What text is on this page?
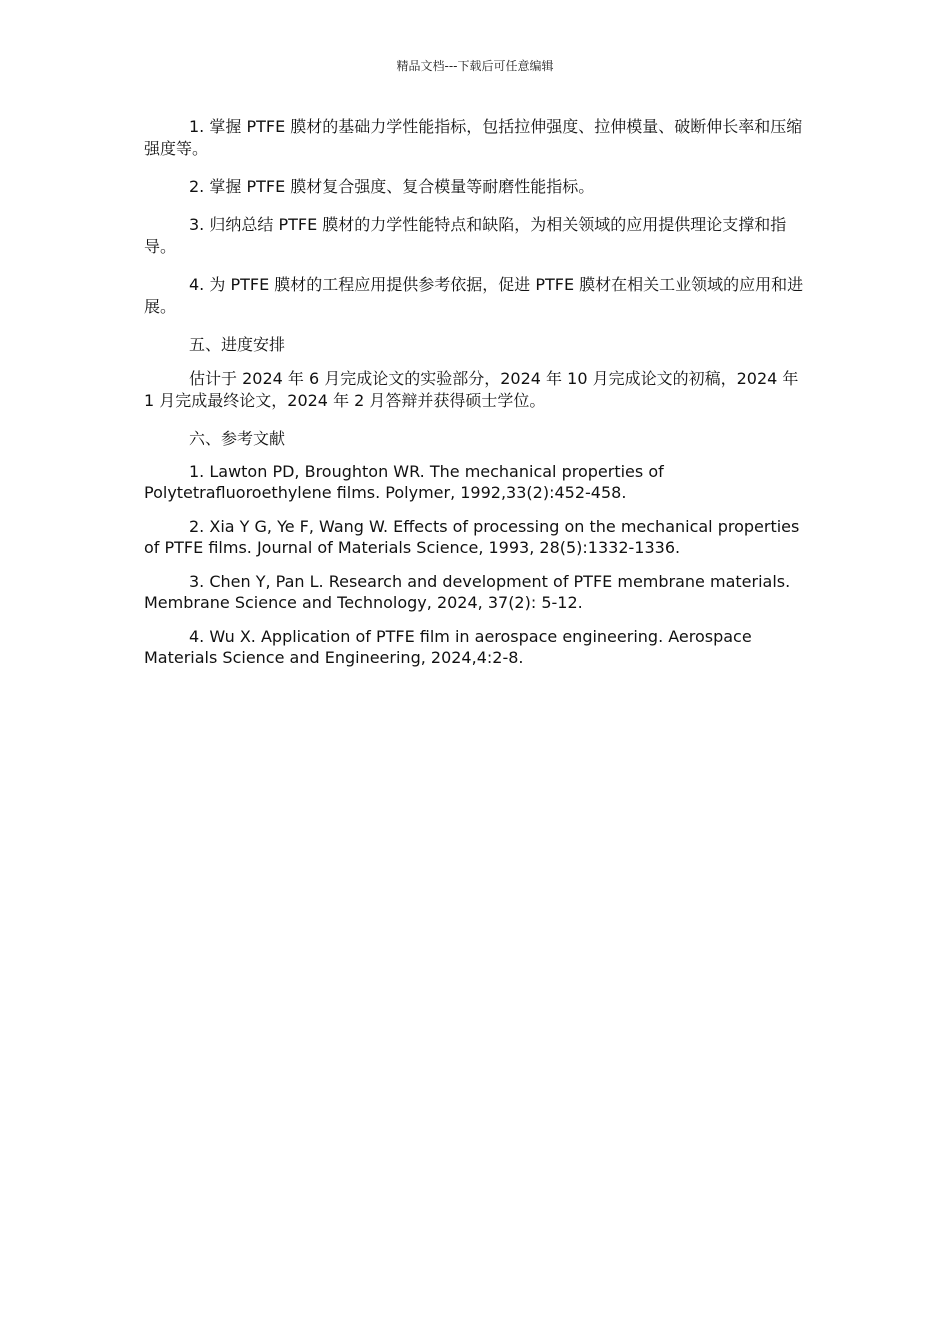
精品文档---下载后可任意编辑

1. 掌握 PTFE 膜材的基础力学性能指标，包括拉伸强度、拉伸模量、破断伸长率和压缩强度等。

2. 掌握 PTFE 膜材复合强度、复合模量等耐磨性能指标。

3. 归纳总结 PTFE 膜材的力学性能特点和缺陷，为相关领域的应用提供理论支撑和指导。

4. 为 PTFE 膜材的工程应用提供参考依据，促进 PTFE 膜材在相关工业领域的应用和进展。

五、进度安排

估计于 2024 年 6 月完成论文的实验部分，2024 年 10 月完成论文的初稿，2024 年 1 月完成最终论文，2024 年 2 月答辩并获得硕士学位。

六、参考文献

1. Lawton PD, Broughton WR. The mechanical properties of Polytetrafluoroethylene films. Polymer, 1992,33(2):452-458.

2. Xia Y G, Ye F, Wang W. Effects of processing on the mechanical properties of PTFE films. Journal of Materials Science, 1993, 28(5):1332-1336.

3. Chen Y, Pan L. Research and development of PTFE membrane materials. Membrane Science and Technology, 2024, 37(2): 5-12.

4. Wu X. Application of PTFE film in aerospace engineering. Aerospace Materials Science and Engineering, 2024,4:2-8.
